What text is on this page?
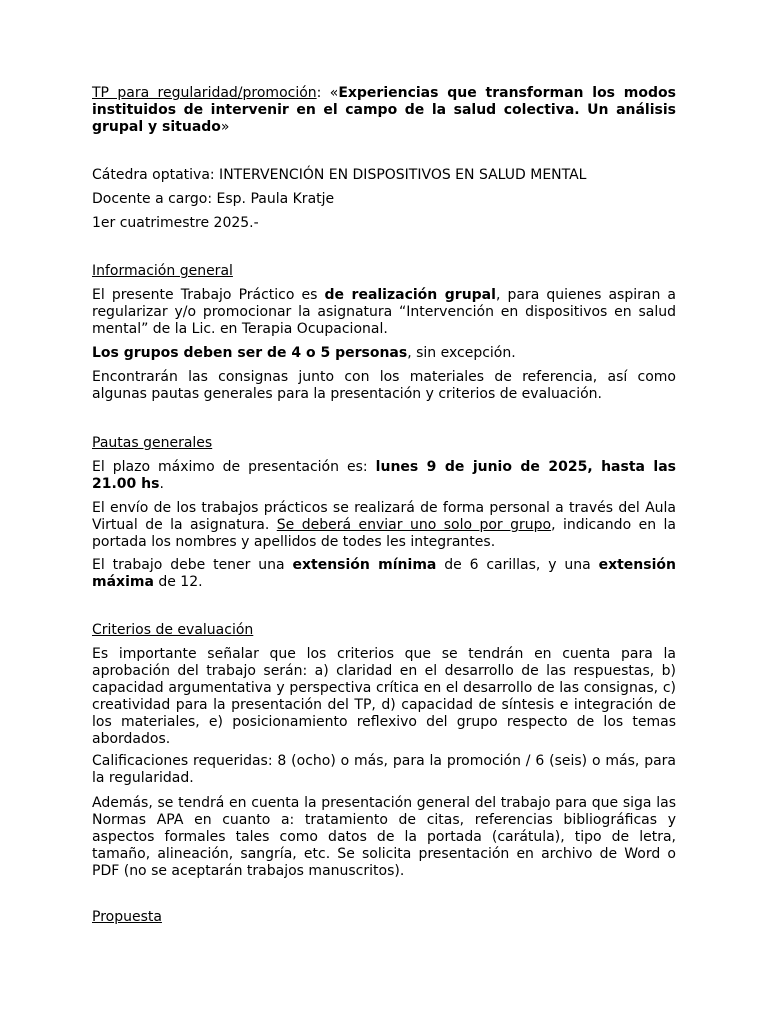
TP para regularidad/promoción: «Experiencias que transforman los modos instituidos de intervenir en el campo de la salud colectiva. Un análisis grupal y situado»

Cátedra optativa: INTERVENCIÓN EN DISPOSITIVOS EN SALUD MENTAL

Docente a cargo: Esp. Paula Kratje

1er cuatrimestre 2025.-

Información general

El presente Trabajo Práctico es de realización grupal, para quienes aspiran a regularizar y/o promocionar la asignatura “Intervención en dispositivos en salud mental” de la Lic. en Terapia Ocupacional.

Los grupos deben ser de 4 o 5 personas, sin excepción.

Encontrarán las consignas junto con los materiales de referencia, así como algunas pautas generales para la presentación y criterios de evaluación.

Pautas generales

El plazo máximo de presentación es: lunes 9 de junio de 2025, hasta las 21.00 hs.

El envío de los trabajos prácticos se realizará de forma personal a través del Aula Virtual de la asignatura. Se deberá enviar uno solo por grupo, indicando en la portada los nombres y apellidos de todes les integrantes.

El trabajo debe tener una extensión mínima de 6 carillas, y una extensión máxima de 12.

Criterios de evaluación

Es importante señalar que los criterios que se tendrán en cuenta para la aprobación del trabajo serán: a) claridad en el desarrollo de las respuestas, b) capacidad argumentativa y perspectiva crítica en el desarrollo de las consignas, c) creatividad para la presentación del TP, d) capacidad de síntesis e integración de los materiales, e) posicionamiento reflexivo del grupo respecto de los temas abordados.

Calificaciones requeridas: 8 (ocho) o más, para la promoción / 6 (seis) o más, para la regularidad.

Además, se tendrá en cuenta la presentación general del trabajo para que siga las Normas APA en cuanto a: tratamiento de citas, referencias bibliográficas y aspectos formales tales como datos de la portada (carátula), tipo de letra, tamaño, alineación, sangría, etc. Se solicita presentación en archivo de Word o PDF (no se aceptarán trabajos manuscritos).

Propuesta
